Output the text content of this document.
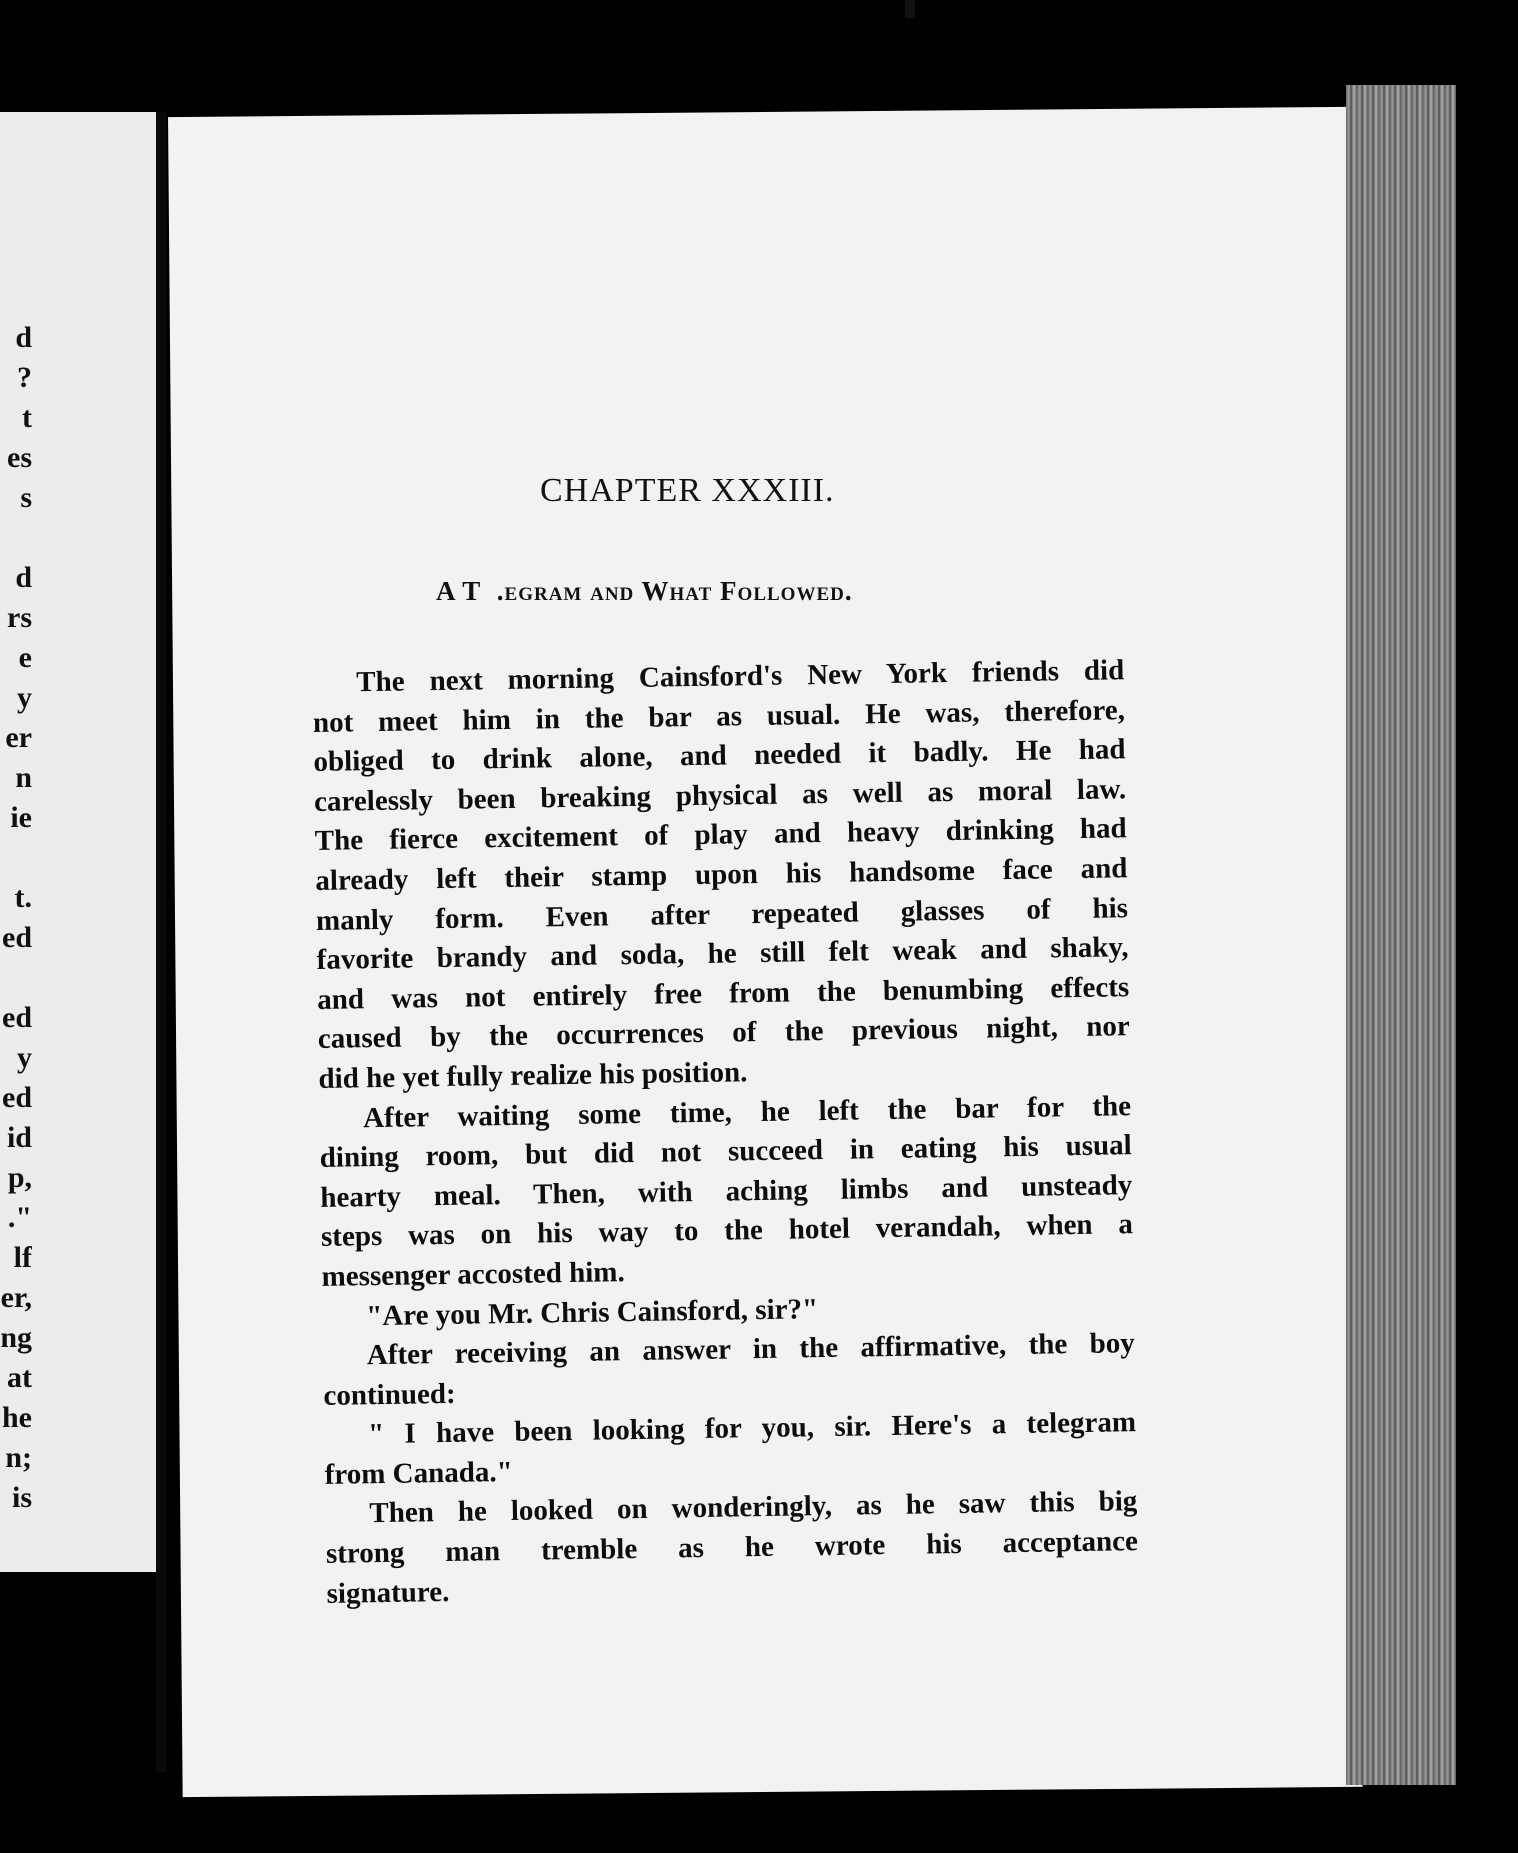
d
?
t
es
s
d
rs
e
y
er
n
ie
t.
ed
ed
y
ed
id
p,
."
lf
er,
ng
at
he
n;
is
CHAPTER XXXIII.
A T  .egram and What Followed.
The next morning Cainsford's New York friends did
not meet him in the bar as usual. He was, therefore,
obliged to drink alone, and needed it badly. He had
carelessly been breaking physical as well as moral law.
The fierce excitement of play and heavy drinking had
already left their stamp upon his handsome face and
manly form. Even after repeated glasses of his
favorite brandy and soda, he still felt weak and shaky,
and was not entirely free from the benumbing effects
caused by the occurrences of the previous night, nor
did he yet fully realize his position.
After waiting some time, he left the bar for the
dining room, but did not succeed in eating his usual
hearty meal. Then, with aching limbs and unsteady
steps was on his way to the hotel verandah, when a
messenger accosted him.
"Are you Mr. Chris Cainsford, sir?"
After receiving an answer in the affirmative, the boy
continued:
" I have been looking for you, sir. Here's a telegram
from Canada."
Then he looked on wonderingly, as he saw this big
strong man tremble as he wrote his acceptance
signature.
